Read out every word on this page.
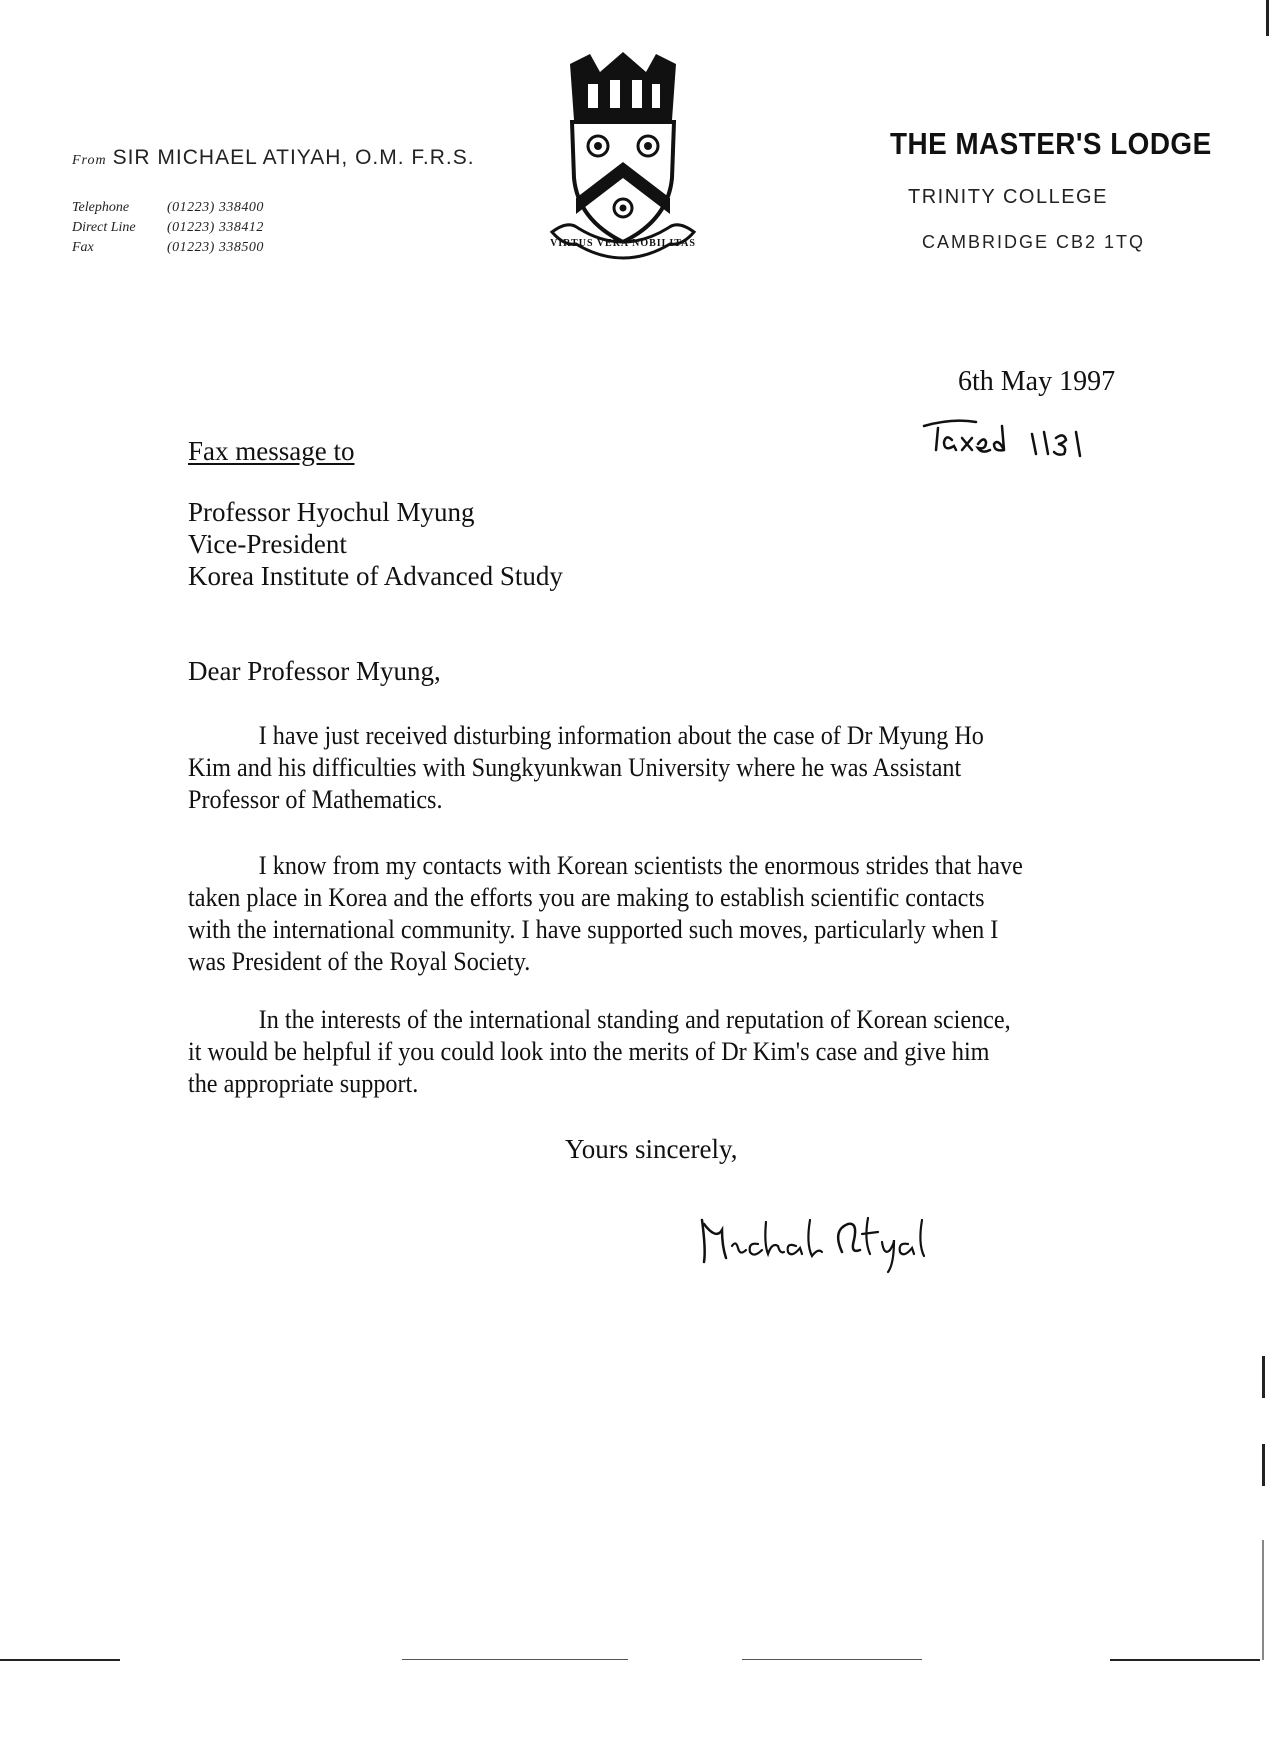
From SIR MICHAEL ATIYAH, O.M. F.R.S.
Telephone	(01223) 338400
Direct Line	(01223) 338412
Fax	(01223) 338500	VIRTUS VERA NOBILITAS
THE MASTER'S LODGE
TRINITY COLLEGE
CAMBRIDGE CB2 1TQ
6th May 1997
Fax message to
Professor Hyochul Myung
Vice-President
Korea Institute of Advanced Study
Dear Professor Myung,
I have just received disturbing information about the case of Dr Myung Ho Kim and his difficulties with Sungkyunkwan University where he was Assistant Professor of Mathematics.
I know from my contacts with Korean scientists the enormous strides that have taken place in Korea and the efforts you are making to establish scientific contacts with the international community. I have supported such moves, particularly when I was President of the Royal Society.
In the interests of the international standing and reputation of Korean science, it would be helpful if you could look into the merits of Dr Kim's case and give him the appropriate support.
Yours sincerely,
